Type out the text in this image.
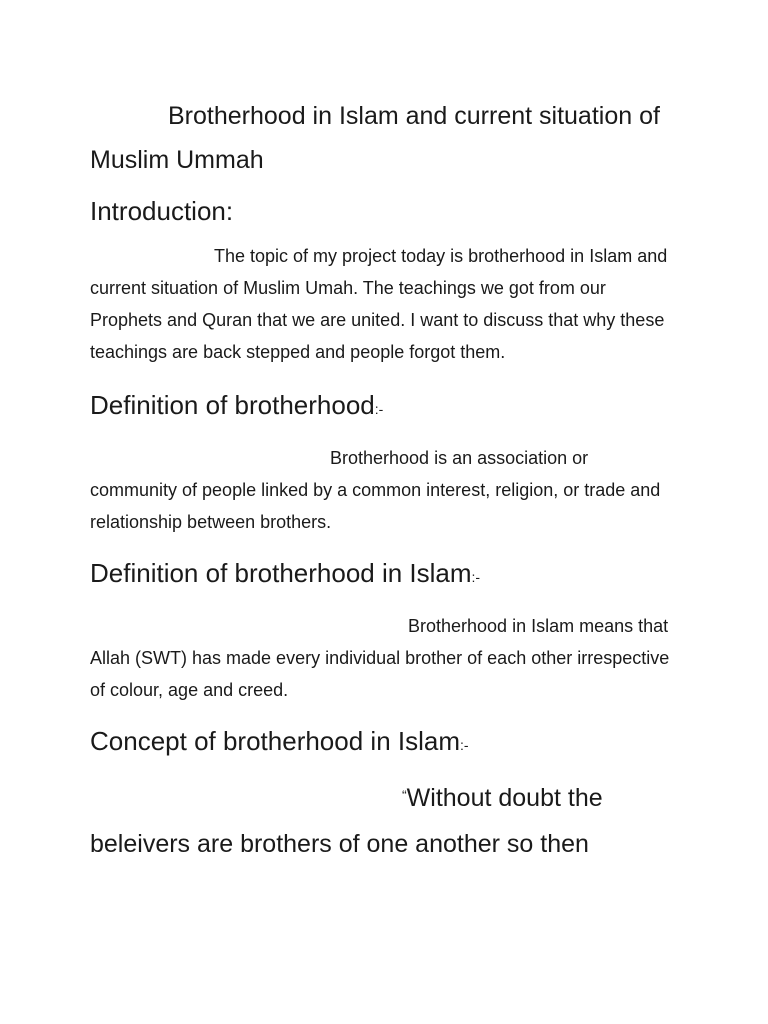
Brotherhood in Islam and current situation of Muslim Ummah
Introduction:

The topic of my project today is brotherhood in Islam and current situation of Muslim Umah. The teachings we got from our Prophets and Quran that we are united. I want to discuss that why these teachings are back stepped and people forgot them.

Definition of brotherhood:-

Brotherhood is an association or community of people linked by a common interest, religion, or trade and relationship between brothers.

Definition of brotherhood in Islam:-

Brotherhood in Islam means that Allah (SWT) has made every individual brother of each other irrespective of colour, age and creed.

Concept of brotherhood in Islam:-

“Without doubt the beleivers are brothers of one another so then
